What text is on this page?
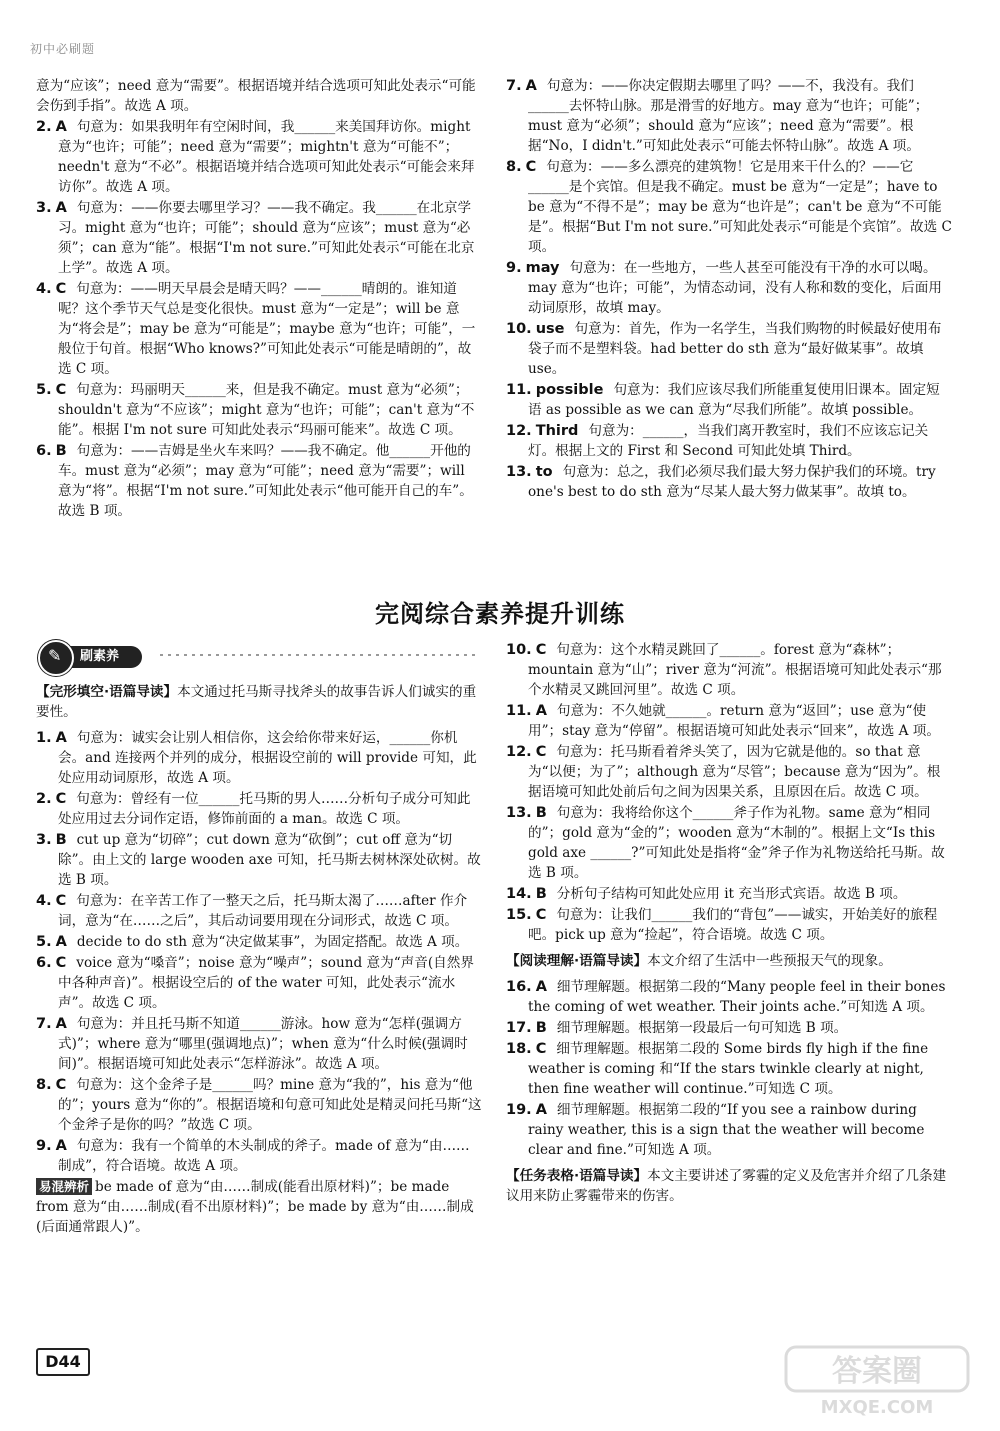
初中必刷题
意为“应该”；need 意为“需要”。根据语境并结合选项可知此处表示“可能会伤到手指”。故选 A 项。
2. A 句意为：如果我明年有空闲时间，我______来美国拜访你。might 意为“也许；可能”；need 意为“需要”；mightn't 意为“可能不”；needn't 意为“不必”。根据语境并结合选项可知此处表示“可能会来拜访你”。故选 A 项。
3. A 句意为：——你要去哪里学习？——我不确定。我______在北京学习。might 意为“也许；可能”；should 意为“应该”；must 意为“必须”；can 意为“能”。根据“I'm not sure.”可知此处表示“可能在北京上学”。故选 A 项。
4. C 句意为：——明天早晨会是晴天吗？——______晴朗的。谁知道呢？这个季节天气总是变化很快。must 意为“一定是”；will be 意为“将会是”；may be 意为“可能是”；maybe 意为“也许；可能”，一般位于句首。根据“Who knows?”可知此处表示“可能是晴朗的”，故选 C 项。
5. C 句意为：玛丽明天______来，但是我不确定。must 意为“必须”；shouldn't 意为“不应该”；might 意为“也许；可能”；can't 意为“不能”。根据 I'm not sure 可知此处表示“玛丽可能来”。故选 C 项。
6. B 句意为：——吉姆是坐火车来吗？——我不确定。他______开他的车。must 意为“必须”；may 意为“可能”；need 意为“需要”；will 意为“将”。根据“I'm not sure.”可知此处表示“他可能开自己的车”。故选 B 项。
7. A 句意为：——你决定假期去哪里了吗？——不，我没有。我们______去怀特山脉。那是滑雪的好地方。may 意为“也许；可能”；must 意为“必须”；should 意为“应该”；need 意为“需要”。根据“No，I didn't.”可知此处表示“可能去怀特山脉”。故选 A 项。
8. C 句意为：——多么漂亮的建筑物！它是用来干什么的？——它______是个宾馆。但是我不确定。must be 意为“一定是”；have to be 意为“不得不是”；may be 意为“也许是”；can't be 意为“不可能是”。根据“But I'm not sure.”可知此处表示“可能是个宾馆”。故选 C 项。
9. may 句意为：在一些地方，一些人甚至可能没有干净的水可以喝。may 意为“也许；可能”，为情态动词，没有人称和数的变化，后面用动词原形，故填 may。
10. use 句意为：首先，作为一名学生，当我们购物的时候最好使用布袋子而不是塑料袋。had better do sth 意为“最好做某事”。故填 use。
11. possible 句意为：我们应该尽我们所能重复使用旧课本。固定短语 as possible as we can 意为“尽我们所能”。故填 possible。
12. Third 句意为：______，当我们离开教室时，我们不应该忘记关灯。根据上文的 First 和 Second 可知此处填 Third。
13. to 句意为：总之，我们必须尽我们最大努力保护我们的环境。try one's best to do sth 意为“尽某人最大努力做某事”。故填 to。
完阅综合素养提升训练
刷素养
✎
【完形填空·语篇导读】本文通过托马斯寻找斧头的故事告诉人们诚实的重要性。
1. A 句意为：诚实会让别人相信你，这会给你带来好运，______你机会。and 连接两个并列的成分，根据设空前的 will provide 可知，此处应用动词原形，故选 A 项。
2. C 句意为：曾经有一位______托马斯的男人……分析句子成分可知此处应用过去分词作定语，修饰前面的 a man。故选 C 项。
3. B cut up 意为“切碎”；cut down 意为“砍倒”；cut off 意为“切除”。由上文的 large wooden axe 可知，托马斯去树林深处砍树。故选 B 项。
4. C 句意为：在辛苦工作了一整天之后，托马斯太渴了……after 作介词，意为“在……之后”，其后动词要用现在分词形式，故选 C 项。
5. A decide to do sth 意为“决定做某事”，为固定搭配。故选 A 项。
6. C voice 意为“嗓音”；noise 意为“噪声”；sound 意为“声音(自然界中各种声音)”。根据设空后的 of the water 可知，此处表示“流水声”。故选 C 项。
7. A 句意为：并且托马斯不知道______游泳。how 意为“怎样(强调方式)”；where 意为“哪里(强调地点)”；when 意为“什么时候(强调时间)”。根据语境可知此处表示“怎样游泳”。故选 A 项。
8. C 句意为：这个金斧子是______吗？mine 意为“我的”，his 意为“他的”；yours 意为“你的”。根据语境和句意可知此处是精灵问托马斯“这个金斧子是你的吗？”故选 C 项。
9. A 句意为：我有一个简单的木头制成的斧子。made of 意为“由……制成”，符合语境。故选 A 项。
易混辨析 be made of 意为“由……制成(能看出原材料)”；be made from 意为“由……制成(看不出原材料)”；be made by 意为“由……制成(后面通常跟人)”。
10. C 句意为：这个水精灵跳回了______。forest 意为“森林”；mountain 意为“山”；river 意为“河流”。根据语境可知此处表示“那个水精灵又跳回河里”。故选 C 项。
11. A 句意为：不久她就______。return 意为“返回”；use 意为“使用”；stay 意为“停留”。根据语境可知此处表示“回来”，故选 A 项。
12. C 句意为：托马斯看着斧头笑了，因为它就是他的。so that 意为“以便；为了”；although 意为“尽管”；because 意为“因为”。根据语境可知此处前后句之间为因果关系，且原因在后。故选 C 项。
13. B 句意为：我将给你这个______斧子作为礼物。same 意为“相同的”；gold 意为“金的”；wooden 意为“木制的”。根据上文“Is this gold axe ______?”可知此处是指将“金”斧子作为礼物送给托马斯。故选 B 项。
14. B 分析句子结构可知此处应用 it 充当形式宾语。故选 B 项。
15. C 句意为：让我们______我们的“背包”——诚实，开始美好的旅程吧。pick up 意为“捡起”，符合语境。故选 C 项。
【阅读理解·语篇导读】本文介绍了生活中一些预报天气的现象。
16. A 细节理解题。根据第二段的“Many people feel in their bones the coming of wet weather. Their joints ache.”可知选 A 项。
17. B 细节理解题。根据第一段最后一句可知选 B 项。
18. C 细节理解题。根据第二段的 Some birds fly high if the fine weather is coming 和“If the stars twinkle clearly at night, then fine weather will continue.”可知选 C 项。
19. A 细节理解题。根据第二段的“If you see a rainbow during rainy weather, this is a sign that the weather will become clear and fine.”可知选 A 项。
【任务表格·语篇导读】本文主要讲述了雾霾的定义及危害并介绍了几条建议用来防止雾霾带来的伤害。
D44	答案圈
MXQE.COM
